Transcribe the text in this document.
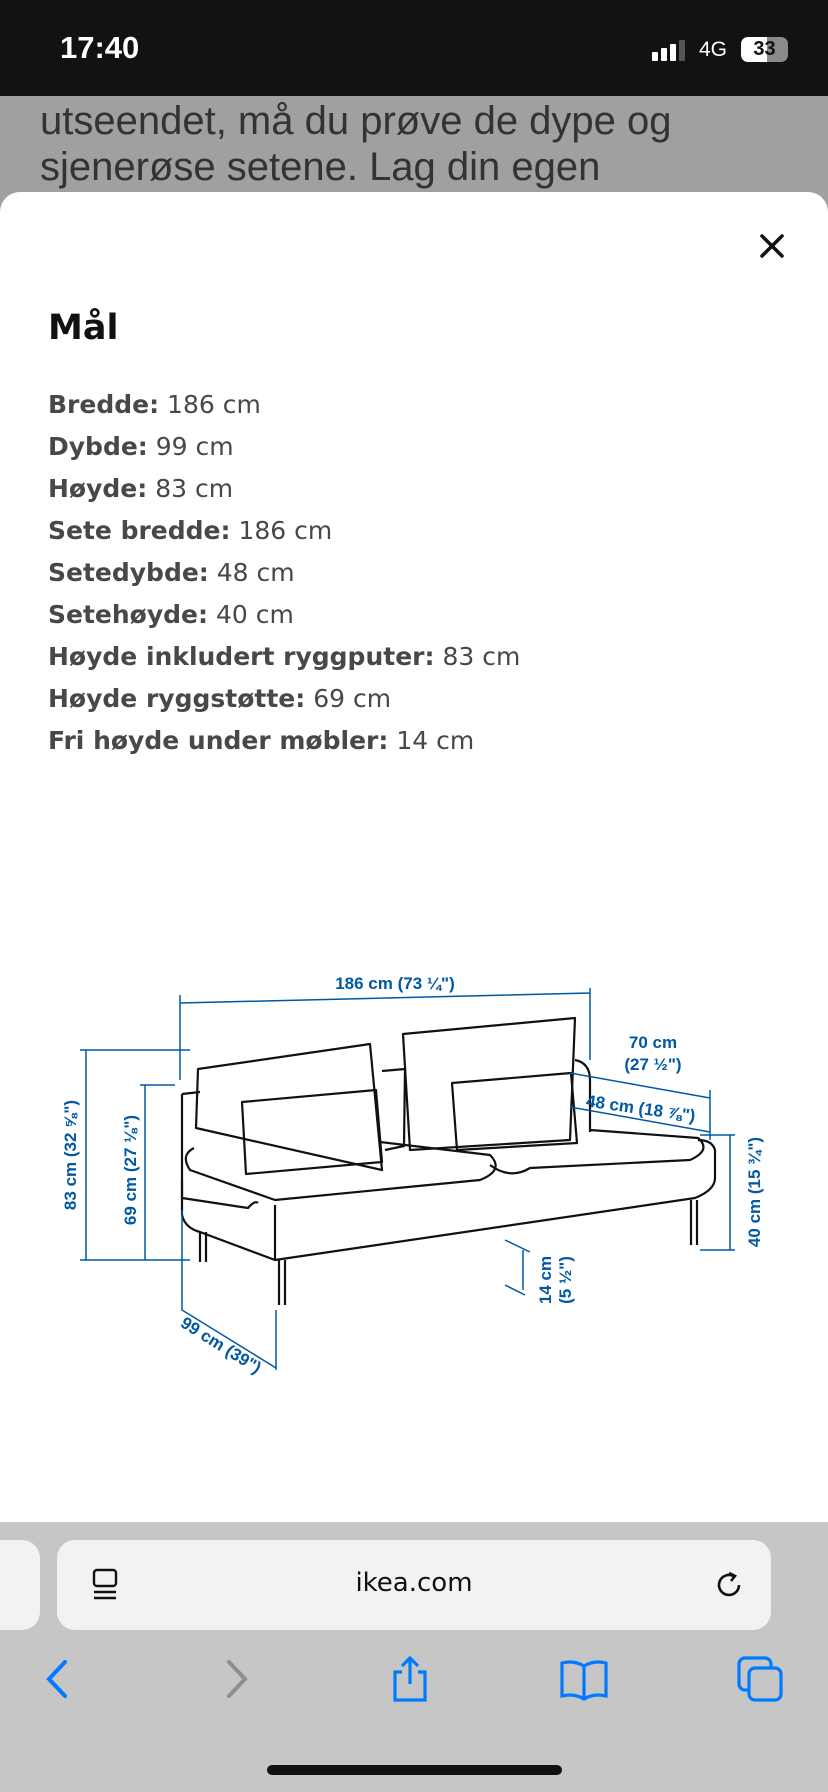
17:40	4G	33
utseendet, må du prøve de dype og sjenerøse setene. Lag din egen
Mål
Bredde: 186 cm
Dybde: 99 cm
Høyde: 83 cm
Sete bredde: 186 cm
Setedybde: 48 cm
Setehøyde: 40 cm
Høyde inkludert ryggputer: 83 cm
Høyde ryggstøtte: 69 cm
Fri høyde under møbler: 14 cm
186 cm (73 ¼")
70 cm
(27 ½")
48 cm (18 ⅞")
83 cm (32 ⅝") 69 cm (27 ⅛")	40 cm (15 ¾")
14 cm (5 ½")
99 cm (39")
ikea.com
